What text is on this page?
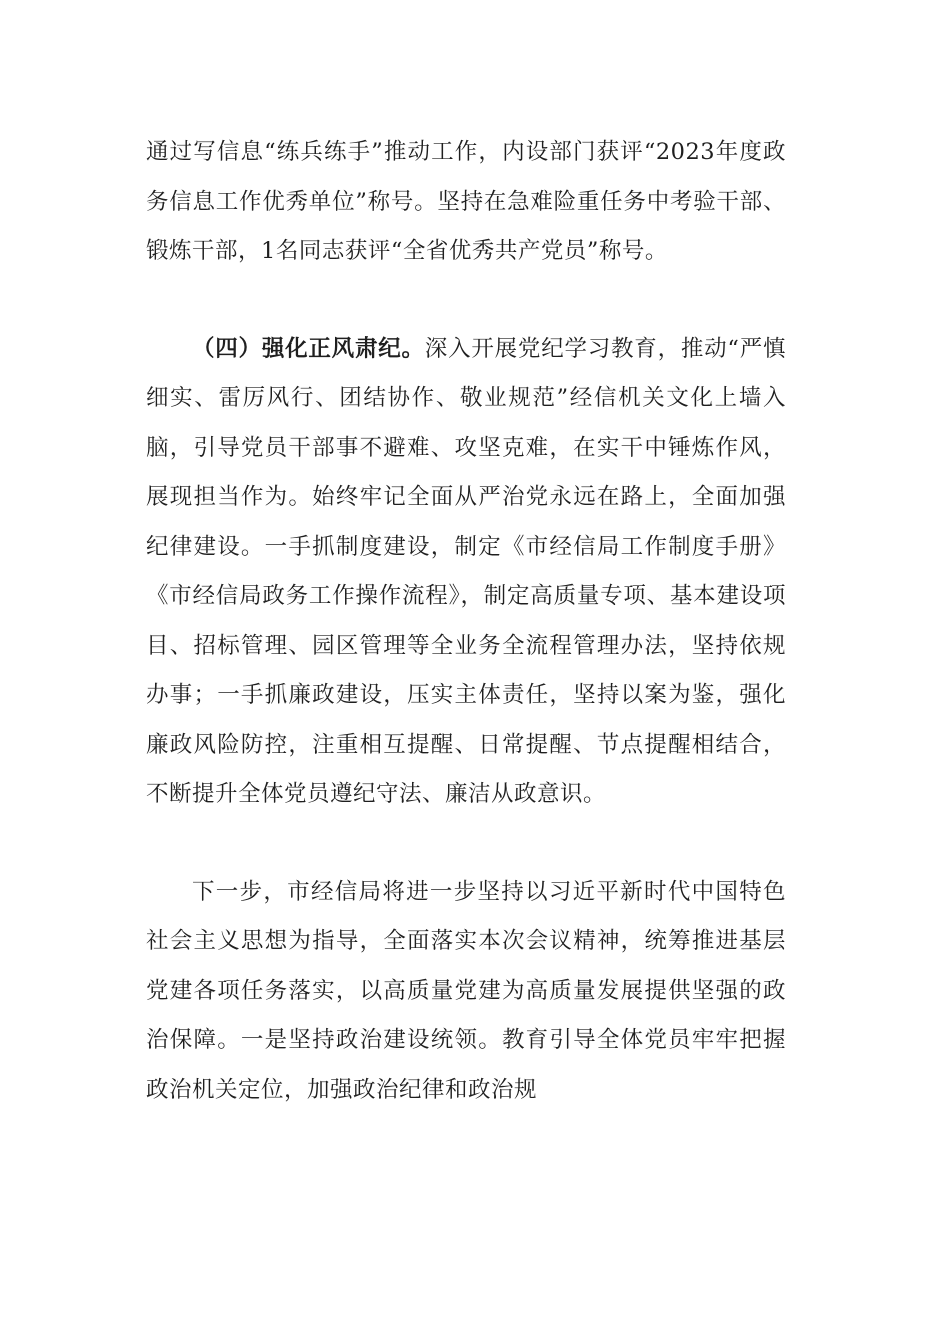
通过写信息“练兵练手”推动工作，内设部门获评“2023年度政务信息工作优秀单位”称号。坚持在急难险重任务中考验干部、锻炼干部，1名同志获评“全省优秀共产党员”称号。

（四）强化正风肃纪。深入开展党纪学习教育，推动“严慎细实、雷厉风行、团结协作、敬业规范”经信机关文化上墙入脑，引导党员干部事不避难、攻坚克难，在实干中锤炼作风，展现担当作为。始终牢记全面从严治党永远在路上，全面加强纪律建设。一手抓制度建设，制定《市经信局工作制度手册》《市经信局政务工作操作流程》，制定高质量专项、基本建设项目、招标管理、园区管理等全业务全流程管理办法，坚持依规办事；一手抓廉政建设，压实主体责任，坚持以案为鉴，强化廉政风险防控，注重相互提醒、日常提醒、节点提醒相结合，不断提升全体党员遵纪守法、廉洁从政意识。

下一步，市经信局将进一步坚持以习近平新时代中国特色社会主义思想为指导，全面落实本次会议精神，统筹推进基层党建各项任务落实，以高质量党建为高质量发展提供坚强的政治保障。一是坚持政治建设统领。教育引导全体党员牢牢把握政治机关定位，加强政治纪律和政治规
